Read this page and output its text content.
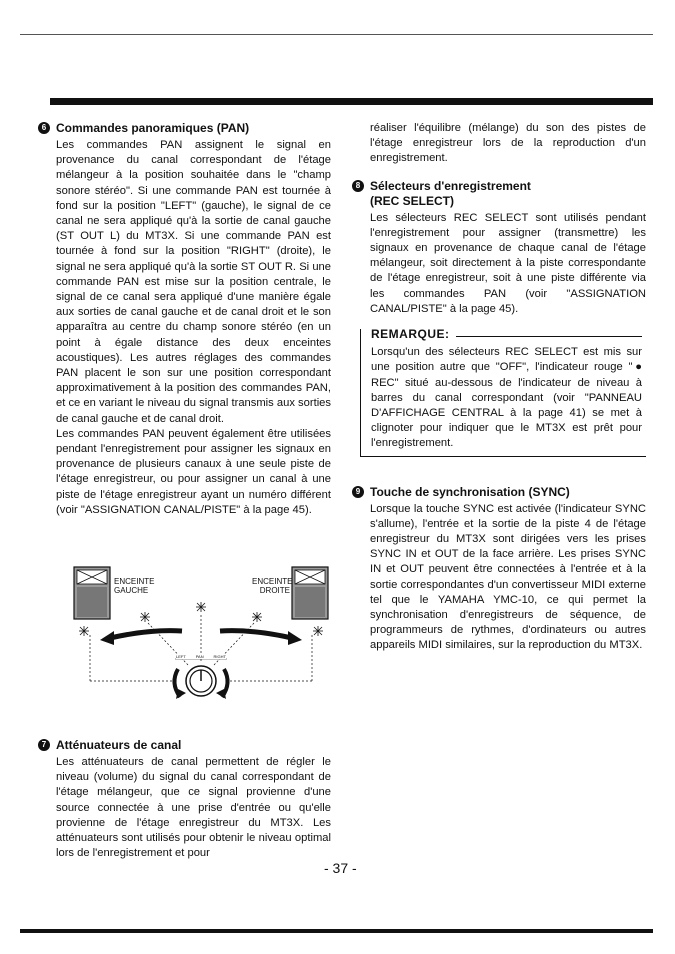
6 Commandes panoramiques (PAN)
Les commandes PAN assignent le signal en provenance du canal correspondant de l'étage mélangeur à la position souhaitée dans le "champ sonore stéréo". Si une commande PAN est tournée à fond sur la position "LEFT" (gauche), le signal de ce canal ne sera appliqué qu'à la sortie de canal gauche (ST OUT L) du MT3X. Si une commande PAN est tournée à fond sur la position "RIGHT" (droite), le signal ne sera appliqué qu'à la sortie ST OUT R. Si une commande PAN est mise sur la position centrale, le signal de ce canal sera appliqué d'une manière égale aux sorties de canal gauche et de canal droit et le son apparaîtra au centre du champ sonore stéréo (en un point à égale distance des deux enceintes acoustiques). Les autres réglages des commandes PAN placent le son sur une position correspondant approximativement à la position des commandes PAN, et ce en variant le niveau du signal transmis aux sorties de canal gauche et de canal droit.
Les commandes PAN peuvent également être utilisées pendant l'enregistrement pour assigner les signaux en provenance de plusieurs canaux à une seule piste de l'étage enregistreur, ou pour assigner un canal à une piste de l'étage enregistreur ayant un numéro différent (voir "ASSIGNATION CANAL/PISTE" à la page 45).
ENCEINTE
GAUCHE
ENCEINTE
DROITE
LEFT PAN RIGHT
7 Atténuateurs de canal
Les atténuateurs de canal permettent de régler le niveau (volume) du signal du canal correspondant de l'étage mélangeur, que ce signal provienne d'une source connectée à une prise d'entrée ou qu'elle provienne de l'étage enregistreur du MT3X. Les atténuateurs sont utilisés pour obtenir le niveau optimal lors de l'enregistrement et pour
réaliser l'équilibre (mélange) du son des pistes de l'étage enregistreur lors de la reproduction d'un enregistrement.
8 Sélecteurs d'enregistrement
(REC SELECT)
Les sélecteurs REC SELECT sont utilisés pendant l'enregistrement pour assigner (transmettre) les signaux en provenance de chaque canal de l'étage mélangeur, soit directement à la piste correspondante de l'étage enregistreur, soit à une piste différente via les commandes PAN (voir "ASSIGNATION CANAL/PISTE" à la page 45).
REMARQUE:
Lorsqu'un des sélecteurs REC SELECT est mis sur une position autre que "OFF", l'indicateur rouge "● REC" situé au-dessous de l'indicateur de niveau à barres du canal correspondant (voir "PANNEAU D'AFFICHAGE CENTRAL à la page 41) se met à clignoter pour indiquer que le MT3X est prêt pour l'enregistrement.
9 Touche de synchronisation (SYNC)
Lorsque la touche SYNC est activée (l'indicateur SYNC s'allume), l'entrée et la sortie de la piste 4 de l'étage enregistreur du MT3X sont dirigées vers les prises SYNC IN et OUT de la face arrière. Les prises SYNC IN et OUT peuvent être connectées à l'entrée et à la sortie correspondantes d'un convertisseur MIDI externe tel que le YAMAHA YMC-10, ce qui permet la synchronisation d'enregistreurs de séquence, de programmeurs de rythmes, d'ordinateurs ou autres appareils MIDI similaires, sur la reproduction du MT3X.
- 37 -
